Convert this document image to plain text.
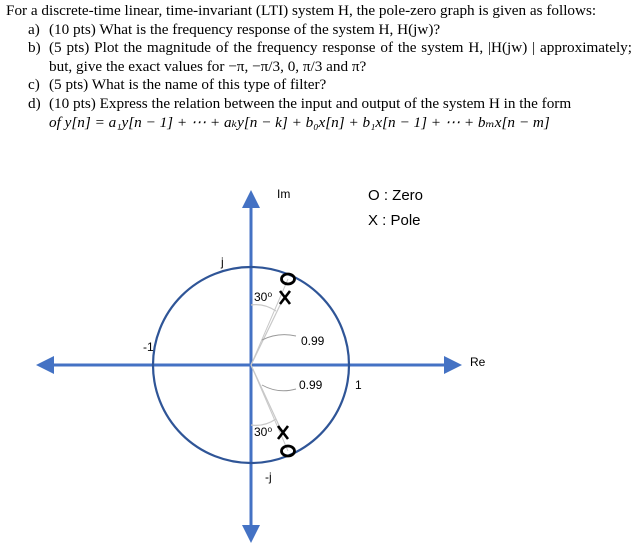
For a discrete-time linear, time-invariant (LTI) system H, the pole-zero graph is given as follows:
a) (10 pts) What is the frequency response of the system H, H(jw)?
b) (5 pts) Plot the magnitude of the frequency response of the system H, |H(jw) | approximately; but, give the exact values for −π, −π/3, 0, π/3 and π?
c) (5 pts) What is the name of this type of filter?
d) (10 pts) Express the relation between the input and output of the system H in the form
of y[n] = a₁y[n − 1] + ⋯ + aₖy[n − k] + b₀x[n] + b₁x[n − 1] + ⋯ + bₘx[n − m]
Im
Re
j
-j
-1
1
30⁰
30⁰
0.99
0.99
O : Zero
X : Pole
